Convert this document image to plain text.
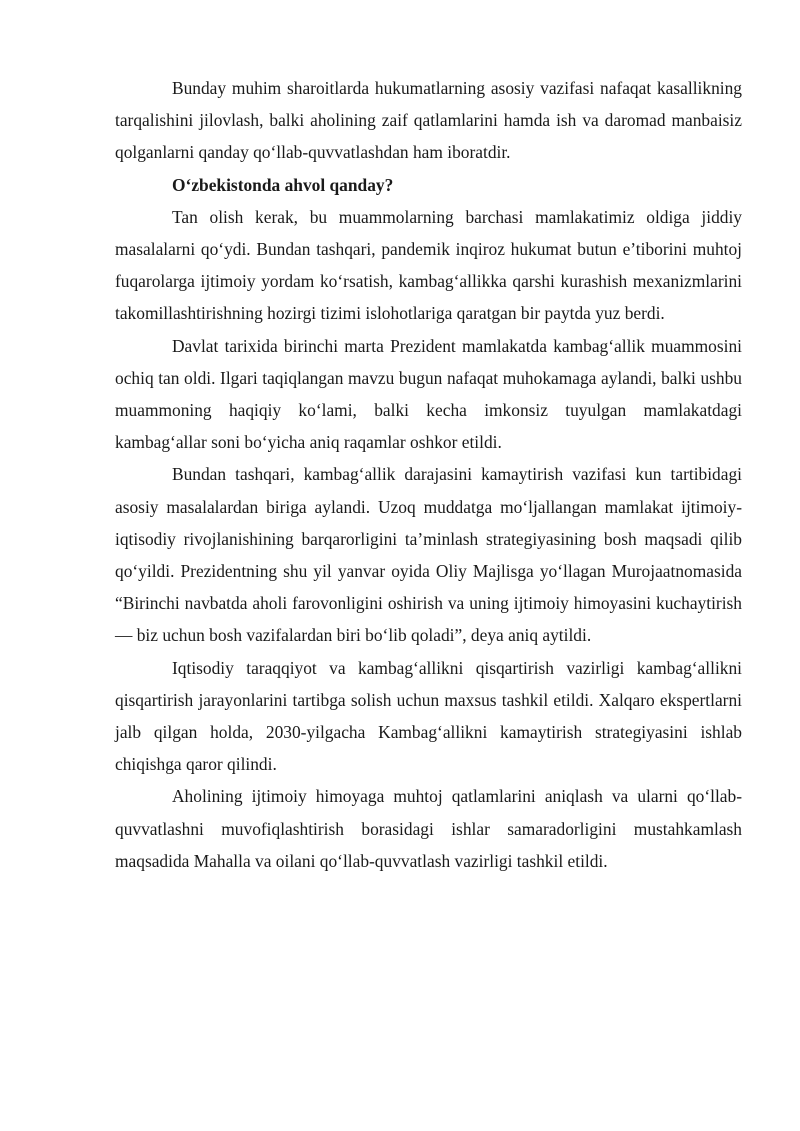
Bunday muhim sharoitlarda hukumatlarning asosiy vazifasi nafaqat kasallikning tarqalishini jilovlash, balki aholining zaif qatlamlarini hamda ish va daromad manbaisiz qolganlarni qanday qo‘llab-quvvatlashdan ham iboratdir.

O‘zbekistonda ahvol qanday?

Tan olish kerak, bu muammolarning barchasi mamlakatimiz oldiga jiddiy masalalarni qo‘ydi. Bundan tashqari, pandemik inqiroz hukumat butun e’tiborini muhtoj fuqarolarga ijtimoiy yordam ko‘rsatish, kambag‘allikka qarshi kurashish mexanizmlarini takomillashtirishning hozirgi tizimi islohotlariga qaratgan bir paytda yuz berdi.

Davlat tarixida birinchi marta Prezident mamlakatda kambag‘allik muammosini ochiq tan oldi. Ilgari taqiqlangan mavzu bugun nafaqat muhokamaga aylandi, balki ushbu muammoning haqiqiy ko‘lami, balki kecha imkonsiz tuyulgan mamlakatdagi kambag‘allar soni bo‘yicha aniq raqamlar oshkor etildi.

Bundan tashqari, kambag‘allik darajasini kamaytirish vazifasi kun tartibidagi asosiy masalalardan biriga aylandi. Uzoq muddatga mo‘ljallangan mamlakat ijtimoiy-iqtisodiy rivojlanishining barqarorligini ta’minlash strategiyasining bosh maqsadi qilib qo‘yildi. Prezidentning shu yil yanvar oyida Oliy Majlisga yo‘llagan Murojaatnomasida “Birinchi navbatda aholi farovonligini oshirish va uning ijtimoiy himoyasini kuchaytirish — biz uchun bosh vazifalardan biri bo‘lib qoladi”, deya aniq aytildi.

Iqtisodiy taraqqiyot va kambag‘allikni qisqartirish vazirligi kambag‘allikni qisqartirish jarayonlarini tartibga solish uchun maxsus tashkil etildi. Xalqaro ekspertlarni jalb qilgan holda, 2030-yilgacha Kambag‘allikni kamaytirish strategiyasini ishlab chiqishga qaror qilindi.

Aholining ijtimoiy himoyaga muhtoj qatlamlarini aniqlash va ularni qo‘llab-quvvatlashni muvofiqlashtirish borasidagi ishlar samaradorligini mustahkamlash maqsadida Mahalla va oilani qo‘llab-quvvatlash vazirligi tashkil etildi.
